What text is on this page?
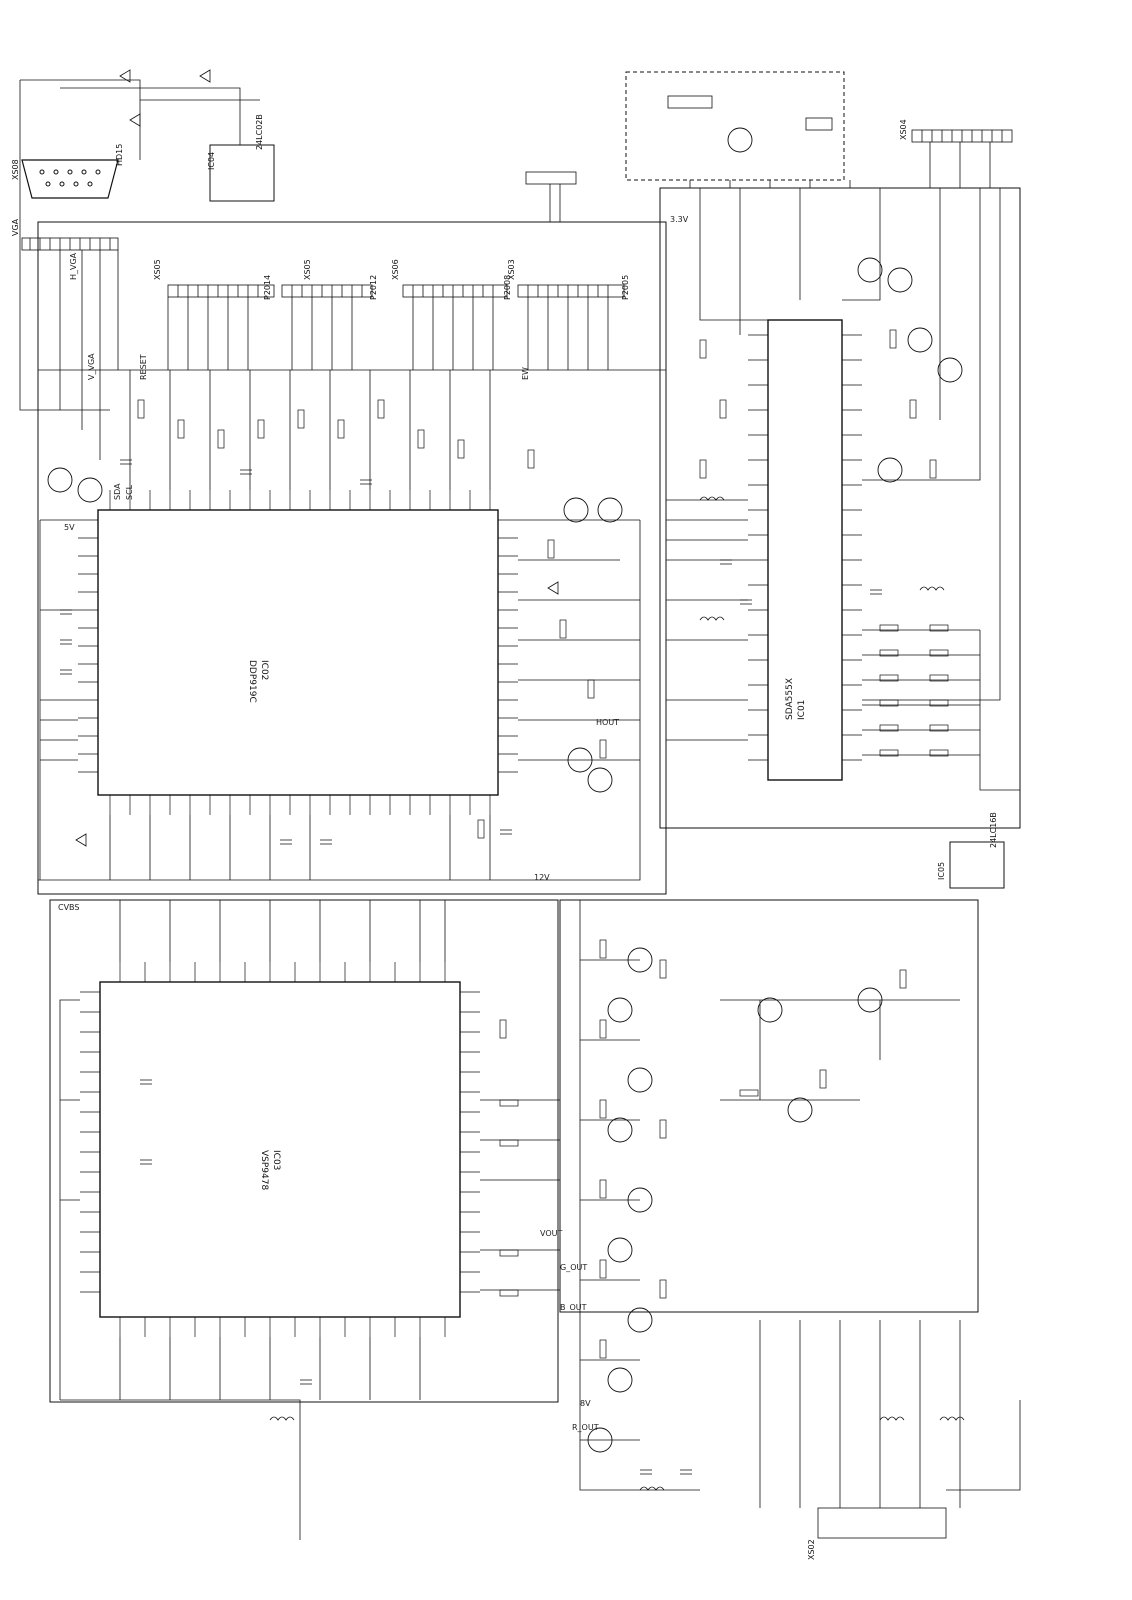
DDP919C IC02
VSP9478 IC03
SDA555X IC01
24LC02B
IC04
24LC16B
IC05
XS08
VGA
HD15
P2014
XS05
P2012
XS05
P2008
XS06
P2005
XS03
XS02
XS04
5V
12V
3.3V
8V
SDA SCL
H_VGA
V_VGA
R_OUT
G_OUT
B_OUT
RESET
CVBS
EW
HOUT
VOUT
